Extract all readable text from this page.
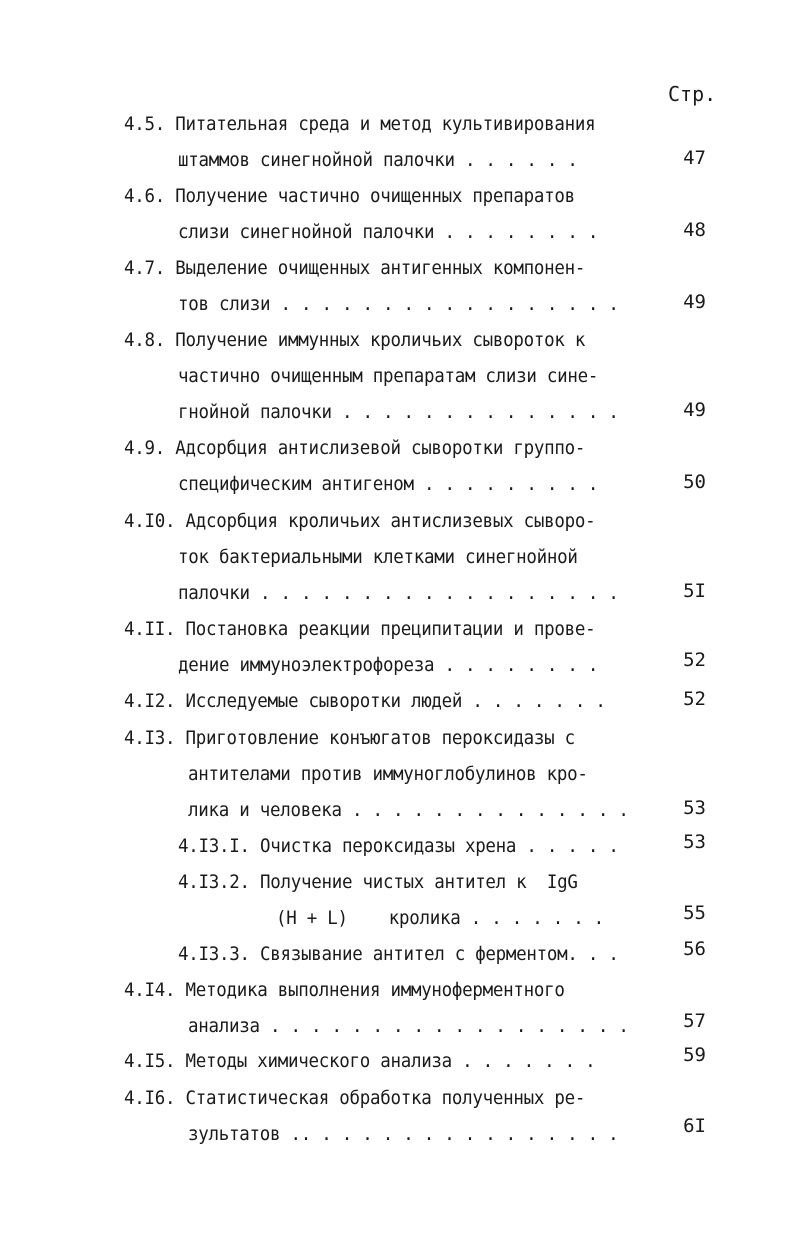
Стр.
4.5. Питательная среда и метод культивирования
штаммов синегнойной палочки . . . . . .	47
4.6. Получение частично очищенных препаратов
слизи синегнойной палочки . . . . . . . .	48
4.7. Выделение очищенных антигенных компонен-
тов слизи . . . . . . . . . . . . . . . . .	49
4.8. Получение иммунных кроличьих сывороток к
частично очищенным препаратам слизи сине-
гнойной палочки . . . . . . . . . . . . . .	49
4.9. Адсорбция антислизевой сыворотки группо-
специфическим антигеном . . . . . . . . .	50
4.I0. Адсорбция кроличьих антислизевых сыворо-
ток бактериальными клетками синегнойной
палочки . . . . . . . . . . . . . . . . . .	5I
4.II. Постановка реакции преципитации и прове-
дение иммуноэлектрофореза . . . . . . . .	52
4.I2. Исследуемые сыворотки людей . . . . . . .	52
4.I3. Приготовление конъюгатов пероксидазы с
антителами против иммуноглобулинов кро-
лика и человека . . . . . . . . . . . . . .	53
4.I3.I. Очистка пероксидазы хрена . . . . .	53
4.I3.2. Получение чистых антител к  IgG
(H + L)    кролика . . . . . . .	55
4.I3.3. Связывание антител с ферментом. . .	56
4.I4. Методика выполнения иммуноферментного
анализа . . . . . . . . . . . . . . . . . .	57
4.I5. Методы химического анализа . . . . . . .	59
4.I6. Статистическая обработка полученных ре-
зультатов .. . . . . . . . . . . . . . . .	6I
